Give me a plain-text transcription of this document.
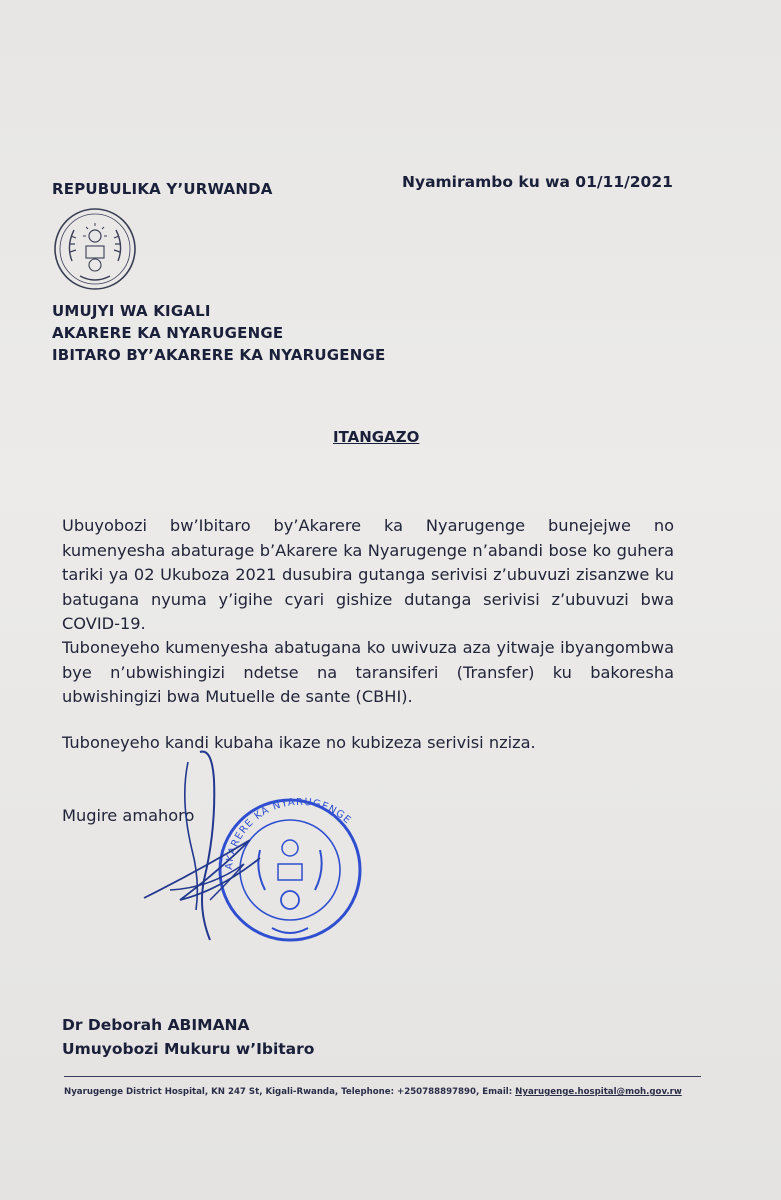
REPUBULIKA Y’URWANDA	Nyamirambo ku wa 01/11/2021
UMUJYI WA KIGALI
AKARERE KA NYARUGENGE
IBITARO BY’AKARERE KA NYARUGENGE
ITANGAZO
Ubuyobozi bw’Ibitaro by’Akarere ka Nyarugenge bunejejwe no kumenyesha abaturage b’Akarere ka Nyarugenge n’abandi bose ko guhera tariki ya 02 Ukuboza 2021 dusubira gutanga serivisi z’ubuvuzi zisanzwe ku batugana nyuma y’igihe cyari gishize dutanga serivisi z’ubuvuzi bwa COVID-19.
Tuboneyeho kumenyesha abatugana ko uwivuza aza yitwaje ibyangombwa bye n’ubwishingizi ndetse na taransiferi (Transfer) ku bakoresha ubwishingizi bwa Mutuelle de sante (CBHI).
Tuboneyeho kandi kubaha ikaze no kubizeza serivisi nziza.
Mugire amahoro
AKARERE KA NYARUGENGE
Dr Deborah ABIMANA
Umuyobozi Mukuru w’Ibitaro
Nyarugenge District Hospital, KN 247 St, Kigali-Rwanda, Telephone: +250788897890, Email: Nyarugenge.hospital@moh.gov.rw
